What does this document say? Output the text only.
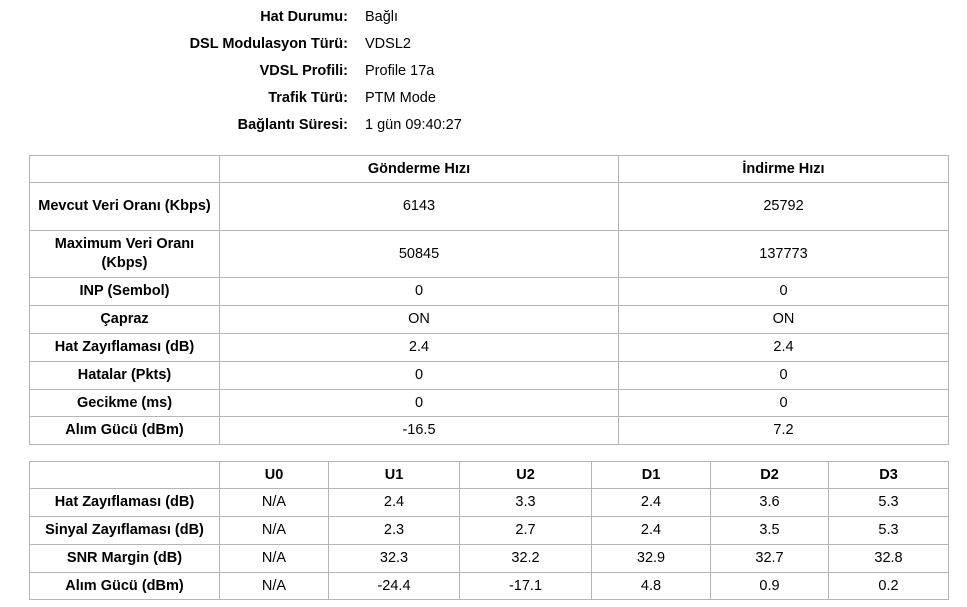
Hat Durumu: Bağlı
DSL Modulasyon Türü: VDSL2
VDSL Profili: Profile 17a
Trafik Türü: PTM Mode
Bağlantı Süresi: 1 gün 09:40:27
	Gönderme Hızı	İndirme Hızı
Mevcut Veri Oranı (Kbps)	6143	25792
Maximum Veri Oranı (Kbps)	50845	137773
INP (Sembol)	0	0
Çapraz	ON	ON
Hat Zayıflaması (dB)	2.4	2.4
Hatalar (Pkts)	0	0
Gecikme (ms)	0	0
Alım Gücü (dBm)	-16.5	7.2
	U0	U1	U2	D1	D2	D3
Hat Zayıflaması (dB)	N/A	2.4	3.3	2.4	3.6	5.3
Sinyal Zayıflaması (dB)	N/A	2.3	2.7	2.4	3.5	5.3
SNR Margin (dB)	N/A	32.3	32.2	32.9	32.7	32.8
Alım Gücü (dBm)	N/A	-24.4	-17.1	4.8	0.9	0.2
